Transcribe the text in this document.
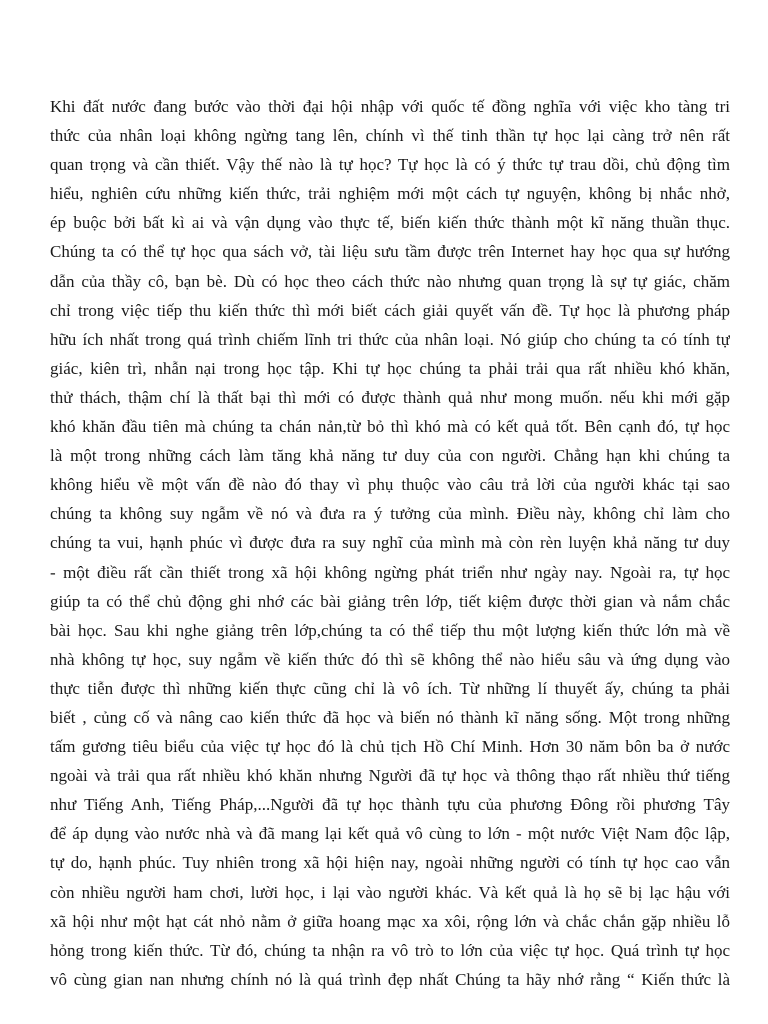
Khi đất nước đang bước vào thời đại hội nhập với quốc tế đồng nghĩa với việc kho tàng tri
thức của nhân loại không ngừng tang lên, chính vì thế tinh thần tự học lại càng trở nên rất
quan trọng và cần thiết. Vậy thế nào là tự học? Tự học là có ý thức tự trau dồi, chủ động tìm
hiểu, nghiên cứu những kiến thức, trải nghiệm mới một cách tự nguyện, không bị nhắc nhở,
ép buộc bởi bất kì ai và vận dụng vào thực tế, biến kiến thức thành một kĩ năng thuần thục.
Chúng ta có thể tự học qua sách vở, tài liệu sưu tầm được trên Internet hay học qua sự hướng
dẫn của thầy cô, bạn bè. Dù có học theo cách thức nào nhưng quan trọng là sự tự giác, chăm
chỉ trong việc tiếp thu kiến thức thì mới biết cách giải quyết vấn đề. Tự học là phương pháp
hữu ích nhất trong quá trình chiếm lĩnh tri thức của nhân loại. Nó giúp cho chúng ta có tính tự
giác, kiên trì, nhẫn nại trong học tập. Khi tự học chúng ta phải trải qua rất nhiều khó khăn,
thử thách, thậm chí là thất bại thì mới có được thành quả như mong muốn. nếu khi mới gặp
khó khăn đầu tiên mà chúng ta chán nản,từ bỏ thì khó mà có kết quả tốt. Bên cạnh đó, tự học
là một trong những cách làm tăng khả năng tư duy của con người. Chẳng hạn khi chúng ta
không hiểu về một vấn đề nào đó thay vì phụ thuộc vào câu trả lời của người khác tại sao
chúng ta không suy ngẫm về nó và đưa ra ý tưởng của mình. Điều này, không chỉ làm cho
chúng ta vui, hạnh phúc vì được đưa ra suy nghĩ của mình mà còn rèn luyện khả năng tư duy
- một điều rất cần thiết trong xã hội không ngừng phát triển như ngày nay. Ngoài ra, tự học
giúp ta có thể chủ động ghi nhớ các bài giảng trên lớp, tiết kiệm được thời gian và nắm chắc
bài học. Sau khi nghe giảng trên lớp,chúng ta có thể tiếp thu một lượng kiến thức lớn mà về
nhà không tự học, suy ngẫm về kiến thức đó thì sẽ không thể nào hiểu sâu và ứng dụng vào
thực tiễn được thì những kiến thực cũng chỉ là vô ích. Từ những lí thuyết ấy, chúng ta phải
biết , củng cố và nâng cao kiến thức đã học và biến nó thành kĩ năng sống. Một trong những
tấm gương tiêu biểu của việc tự học đó là chủ tịch Hồ Chí Minh. Hơn 30 năm bôn ba ở nước
ngoài và trải qua rất nhiều khó khăn nhưng Người đã tự học và thông thạo rất nhiều thứ tiếng
như Tiếng Anh, Tiếng Pháp,...Người đã tự học thành tựu của phương Đông rồi phương Tây
để áp dụng vào nước nhà và đã mang lại kết quả vô cùng to lớn - một nước Việt Nam độc lập,
tự do, hạnh phúc. Tuy nhiên trong xã hội hiện nay, ngoài những người có tính tự học cao vẫn
còn nhiều người ham chơi, lười học, i lại vào người khác. Và kết quả là họ sẽ bị lạc hậu với
xã hội như một hạt cát nhỏ nằm ở giữa hoang mạc xa xôi, rộng lớn và chắc chắn gặp nhiều lỗ
hỏng trong kiến thức. Từ đó, chúng ta nhận ra vô trò to lớn của việc tự học. Quá trình tự học
vô cùng gian nan nhưng chính nó là quá trình đẹp nhất Chúng ta hãy nhớ rằng “ Kiến thức là
